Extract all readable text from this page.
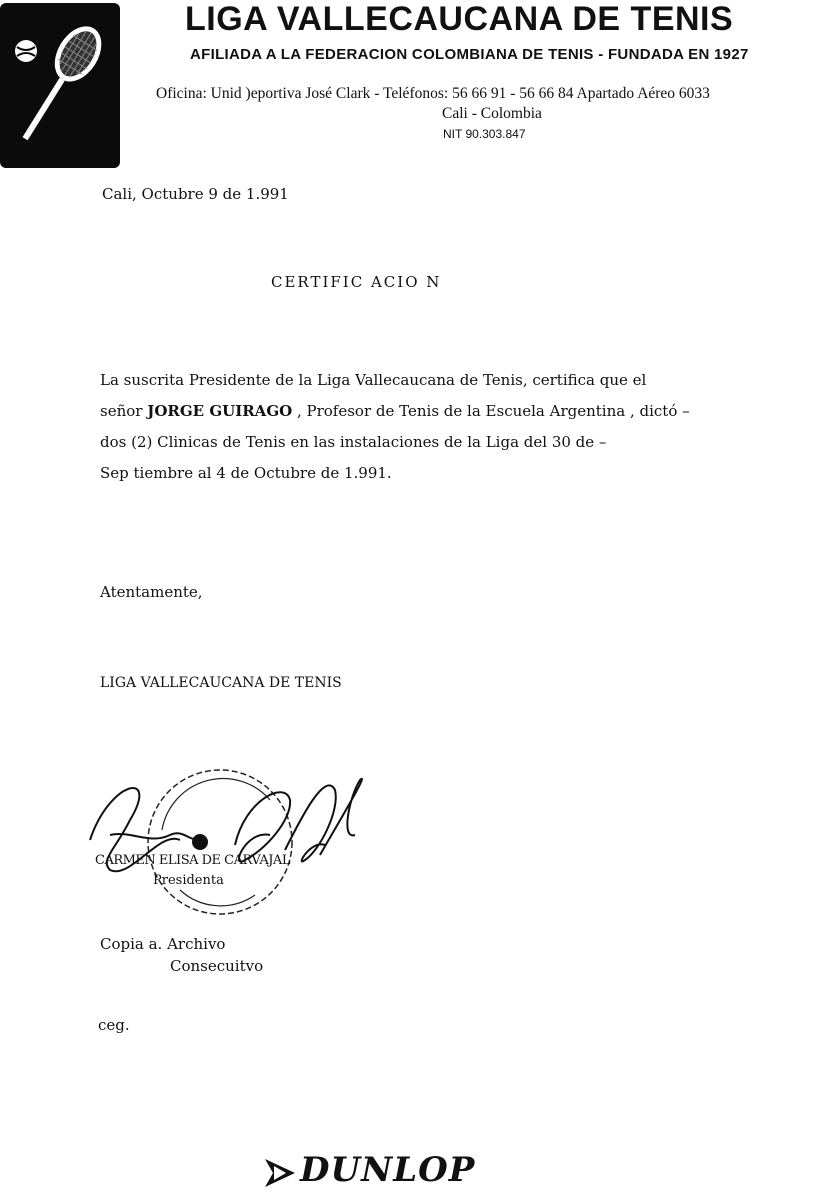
LIGA VALLECAUCANA DE TENIS
AFILIADA A LA FEDERACION COLOMBIANA DE TENIS - FUNDADA EN 1927
Oficina: Unid )eportiva José Clark - Teléfonos: 56 66 91 - 56 66 84 Apartado Aéreo 6033
Cali - Colombia
NIT 90.303.847
Cali, Octubre 9 de 1.991
CERTIFIC ACIO N
La suscrita Presidente de la Liga Vallecaucana de Tenis, certifica que el
señor JORGE GUIRAGO , Profesor de Tenis de la Escuela Argentina , dictó –
dos (2) Clinicas de Tenis en las instalaciones de la Liga del 30 de –
Sep tiembre al 4 de Octubre de 1.991.
Atentamente,
LIGA VALLECAUCANA DE TENIS
CARMEN ELISA DE CARVAJAL
Presidenta
Copia a. Archivo
Consecuitvo
ceg.
DUNLOP
